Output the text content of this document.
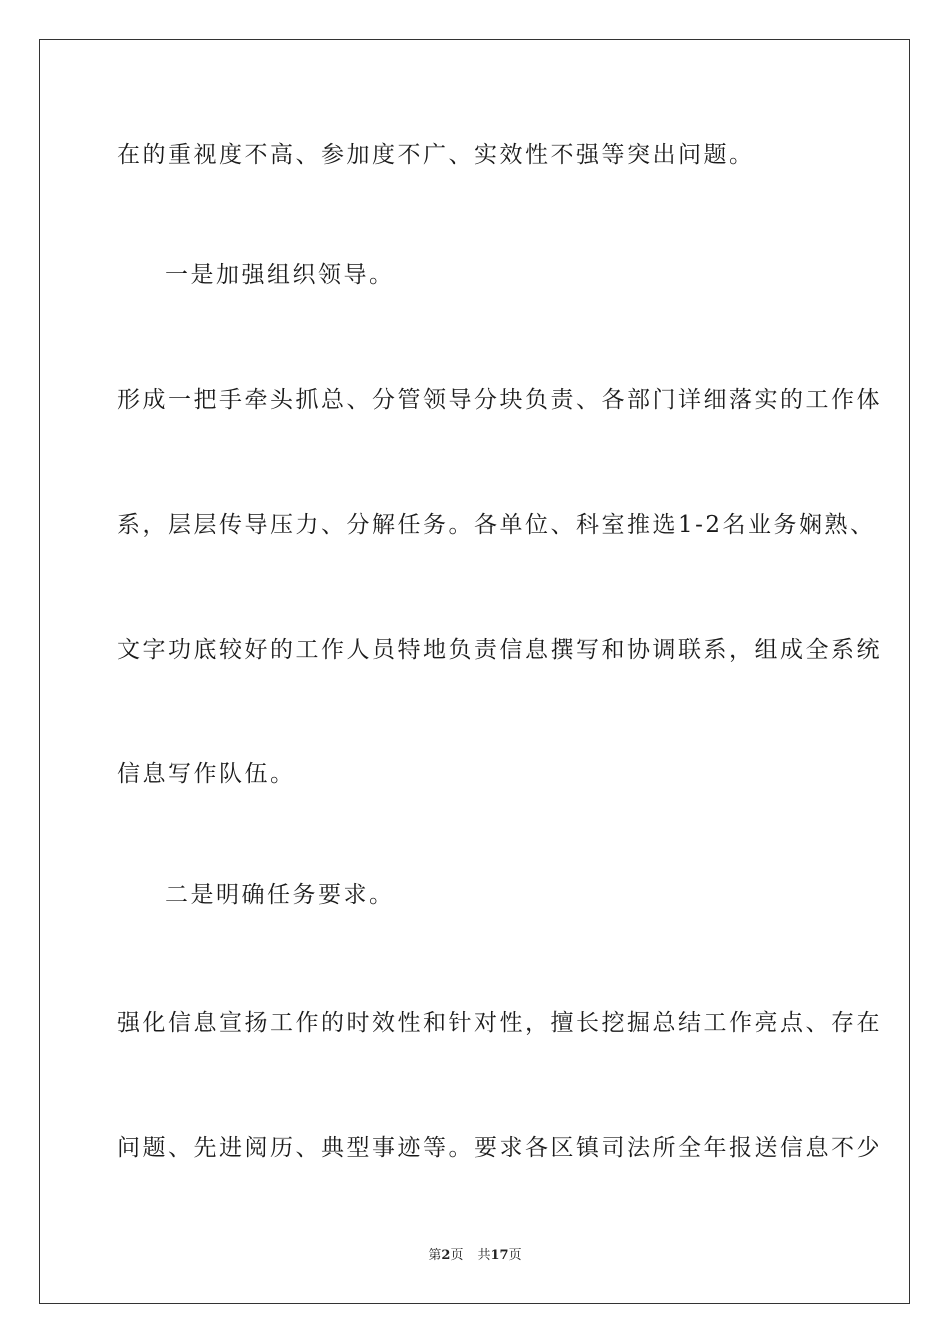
在的重视度不高、参加度不广、实效性不强等突出问题。
一是加强组织领导。
形成一把手牵头抓总、分管领导分块负责、各部门详细落实的工作体
系，层层传导压力、分解任务。各单位、科室推选1-2名业务娴熟、
文字功底较好的工作人员特地负责信息撰写和协调联系，组成全系统
信息写作队伍。
二是明确任务要求。
强化信息宣扬工作的时效性和针对性，擅长挖掘总结工作亮点、存在
问题、先进阅历、典型事迹等。要求各区镇司法所全年报送信息不少
第2页 共17页
